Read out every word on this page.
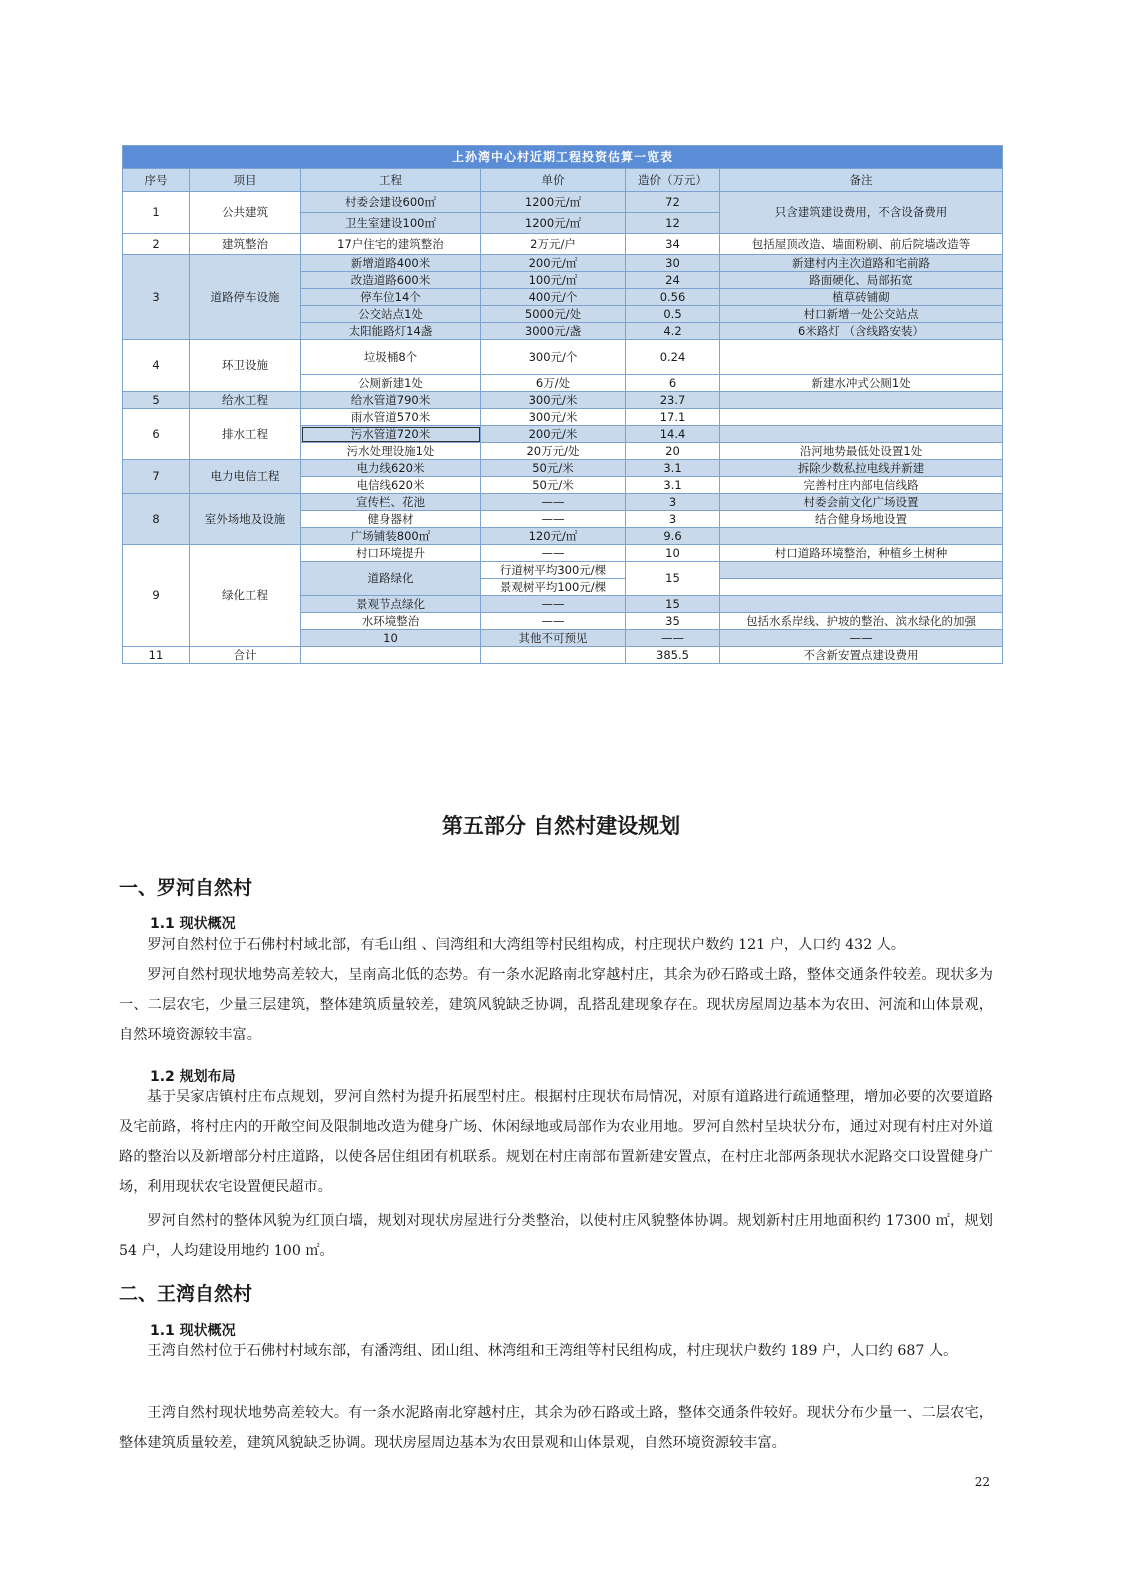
上孙湾中心村近期工程投资估算一览表						
序号	项目	工程	单价	造价（万元）	备注	
1	公共建筑	村委会建设600㎡	1200元/㎡	72	只含建筑建设费用，不含设备费用	
		卫生室建设100㎡	1200元/㎡	12		
2	建筑整治	17户住宅的建筑整治	2万元/户	34	包括屋顶改造、墙面粉刷、前后院墙改造等	
3	道路停车设施	新增道路400米	200元/㎡	30	新建村内主次道路和宅前路	
		改造道路600米	100元/㎡	24	路面硬化、局部拓宽	
		停车位14个	400元/个	0.56	植草砖铺砌	
		公交站点1处	5000元/处	0.5	村口新增一处公交站点	
		太阳能路灯14盏	3000元/盏	4.2	6米路灯 （含线路安装）	
4	环卫设施	垃圾桶8个	300元/个	0.24		
		公厕新建1处	6万/处	6	新建水冲式公厕1处	
5	给水工程	给水管道790米	300元/米	23.7		
6	排水工程	雨水管道570米	300元/米	17.1		
		污水管道720米	200元/米	14.4		
		污水处理设施1处	20万元/处	20	沿河地势最低处设置1处	
7	电力电信工程	电力线620米	50元/米	3.1	拆除少数私拉电线并新建	
		电信线620米	50元/米	3.1	完善村庄内部电信线路	
8	室外场地及设施	宣传栏、花池	——	3	村委会前文化广场设置	
		健身器材	——	3	结合健身场地设置	
		广场铺装800㎡	120元/㎡	9.6		
9	绿化工程	村口环境提升	——	10	村口道路环境整治，种植乡土树种	
		道路绿化	行道树平均300元/棵	15		
			景观树平均100元/棵			
		景观节点绿化	——	15		
		水环境整治	——	35	包括水系岸线、护坡的整治、滨水绿化的加强	
		10	其他不可预见	——	——		
11	合计			385.5	不含新安置点建设费用	
第五部分 自然村建设规划
一、罗河自然村
1.1 现状概况

罗河自然村位于石佛村村域北部，有毛山组 、闫湾组和大湾组等村民组构成，村庄现状户数约 121 户，人口约 432 人。

罗河自然村现状地势高差较大，呈南高北低的态势。有一条水泥路南北穿越村庄，其余为砂石路或土路，整体交通条件较差。现状多为一、二层农宅，少量三层建筑，整体建筑质量较差，建筑风貌缺乏协调，乱搭乱建现象存在。现状房屋周边基本为农田、河流和山体景观，自然环境资源较丰富。

1.2 规划布局

基于吴家店镇村庄布点规划，罗河自然村为提升拓展型村庄。根据村庄现状布局情况，对原有道路进行疏通整理，增加必要的次要道路及宅前路，将村庄内的开敞空间及限制地改造为健身广场、休闲绿地或局部作为农业用地。罗河自然村呈块状分布，通过对现有村庄对外道路的整治以及新增部分村庄道路，以使各居住组团有机联系。规划在村庄南部布置新建安置点，在村庄北部两条现状水泥路交口设置健身广场，利用现状农宅设置便民超市。

罗河自然村的整体风貌为红顶白墙，规划对现状房屋进行分类整治，以使村庄风貌整体协调。规划新村庄用地面积约 17300 ㎡，规划 54 户，人均建设用地约 100 ㎡。

二、王湾自然村
1.1 现状概况

王湾自然村位于石佛村村域东部，有潘湾组、团山组、林湾组和王湾组等村民组构成，村庄现状户数约 189 户，人口约 687 人。

王湾自然村现状地势高差较大。有一条水泥路南北穿越村庄，其余为砂石路或土路，整体交通条件较好。现状分布少量一、二层农宅，整体建筑质量较差，建筑风貌缺乏协调。现状房屋周边基本为农田景观和山体景观，自然环境资源较丰富。

22
